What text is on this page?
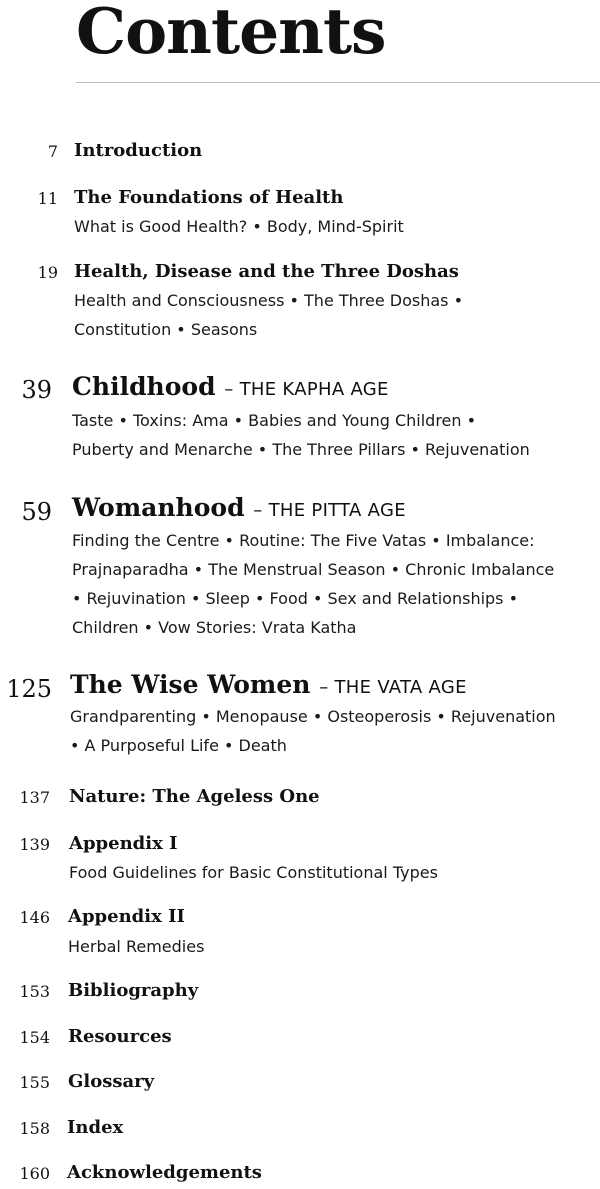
Contents
7 Introduction
11 The Foundations of Health
What is Good Health? • Body, Mind-Spirit
19 Health, Disease and the Three Doshas
Health and Consciousness • The Three Doshas •
Constitution • Seasons
39 Childhood – THE KAPHA AGE
Taste • Toxins: Ama • Babies and Young Children •
Puberty and Menarche • The Three Pillars • Rejuvenation
59 Womanhood – THE PITTA AGE
Finding the Centre • Routine: The Five Vatas • Imbalance:
Prajnaparadha • The Menstrual Season • Chronic Imbalance
• Rejuvination • Sleep • Food • Sex and Relationships •
Children • Vow Stories: Vrata Katha
125 The Wise Women – THE VATA AGE
Grandparenting • Menopause • Osteoperosis • Rejuvenation
• A Purposeful Life • Death
137 Nature: The Ageless One
139 Appendix I
Food Guidelines for Basic Constitutional Types
146 Appendix II
Herbal Remedies
153 Bibliography
154 Resources
155 Glossary
158 Index
160 Acknowledgements
